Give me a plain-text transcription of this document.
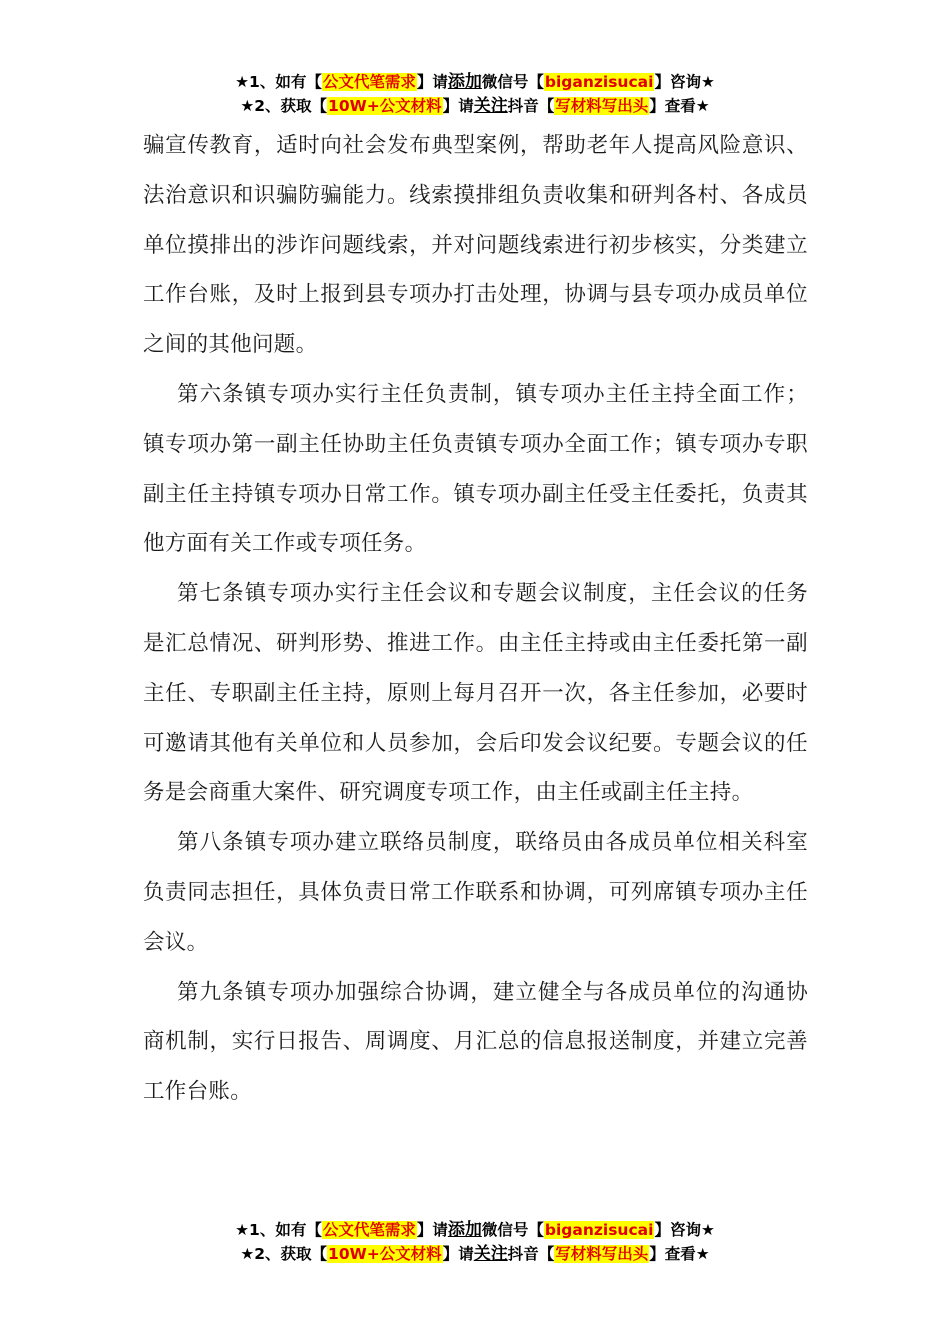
★1、如有【公文代笔需求】请添加微信号【biganzisucai】咨询★
★2、获取【10W+公文材料】请关注抖音【写材料写出头】查看★

骗宣传教育，适时向社会发布典型案例，帮助老年人提高风险意识、法治意识和识骗防骗能力。线索摸排组负责收集和研判各村、各成员单位摸排出的涉诈问题线索，并对问题线索进行初步核实，分类建立工作台账，及时上报到县专项办打击处理，协调与县专项办成员单位之间的其他问题。

第六条镇专项办实行主任负责制，镇专项办主任主持全面工作；镇专项办第一副主任协助主任负责镇专项办全面工作；镇专项办专职副主任主持镇专项办日常工作。镇专项办副主任受主任委托，负责其他方面有关工作或专项任务。

第七条镇专项办实行主任会议和专题会议制度，主任会议的任务是汇总情况、研判形势、推进工作。由主任主持或由主任委托第一副主任、专职副主任主持，原则上每月召开一次，各主任参加，必要时可邀请其他有关单位和人员参加，会后印发会议纪要。专题会议的任务是会商重大案件、研究调度专项工作，由主任或副主任主持。

第八条镇专项办建立联络员制度，联络员由各成员单位相关科室负责同志担任，具体负责日常工作联系和协调，可列席镇专项办主任会议。

第九条镇专项办加强综合协调，建立健全与各成员单位的沟通协商机制，实行日报告、周调度、月汇总的信息报送制度，并建立完善工作台账。

★1、如有【公文代笔需求】请添加微信号【biganzisucai】咨询★
★2、获取【10W+公文材料】请关注抖音【写材料写出头】查看★
